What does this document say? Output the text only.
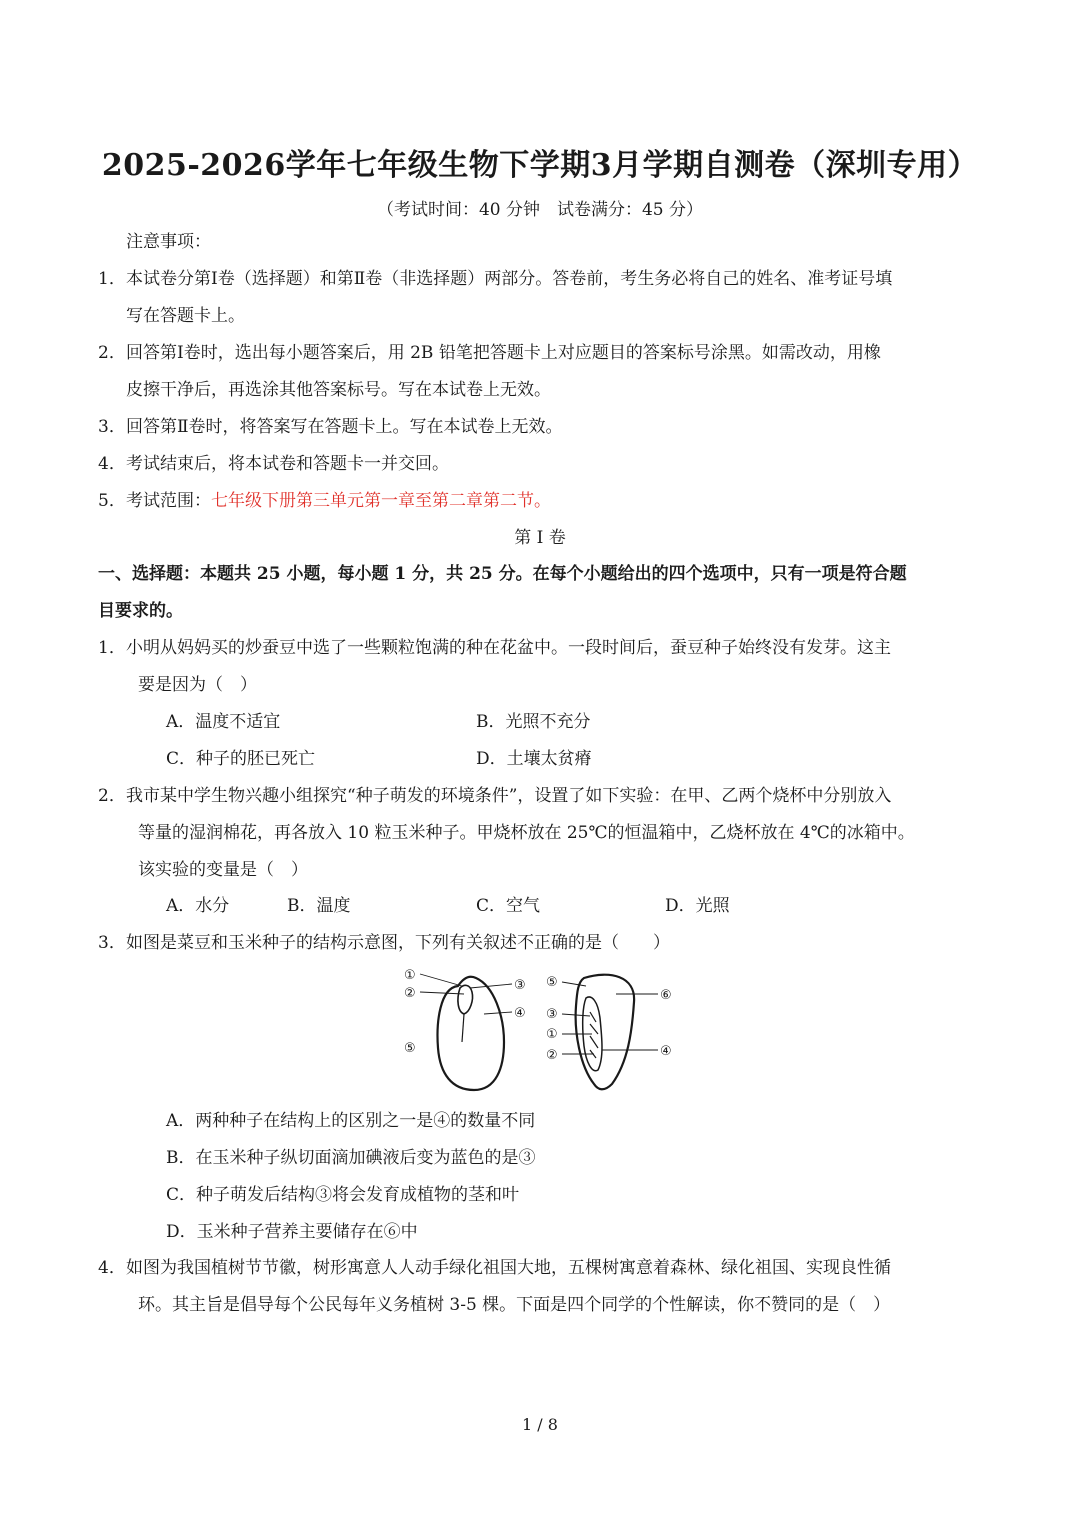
2025-2026学年七年级生物下学期3月学期自测卷（深圳专用）
（考试时间：40 分钟　试卷满分：45 分）
注意事项：
1．本试卷分第Ⅰ卷（选择题）和第Ⅱ卷（非选择题）两部分。答卷前，考生务必将自己的姓名、准考证号填
写在答题卡上。
2．回答第Ⅰ卷时，选出每小题答案后，用 2B 铅笔把答题卡上对应题目的答案标号涂黑。如需改动，用橡
皮擦干净后，再选涂其他答案标号。写在本试卷上无效。
3．回答第Ⅱ卷时，将答案写在答题卡上。写在本试卷上无效。
4．考试结束后，将本试卷和答题卡一并交回。
5．考试范围：七年级下册第三单元第一章至第二章第二节。
第 Ⅰ 卷
一、选择题：本题共 25 小题，每小题 1 分，共 25 分。在每个小题给出的四个选项中，只有一项是符合题
目要求的。
1．小明从妈妈买的炒蚕豆中选了一些颗粒饱满的种在花盆中。一段时间后，蚕豆种子始终没有发芽。这主
要是因为（　）
A．温度不适宜	B．光照不充分
C．种子的胚已死亡	D．土壤太贫瘠
2．我市某中学生物兴趣小组探究“种子萌发的环境条件”，设置了如下实验：在甲、乙两个烧杯中分别放入
等量的湿润棉花，再各放入 10 粒玉米种子。甲烧杯放在 25℃的恒温箱中，乙烧杯放在 4℃的冰箱中。
该实验的变量是（　）
A．水分	B．温度	C．空气	D．光照
3．如图是菜豆和玉米种子的结构示意图，下列有关叙述不正确的是（　　）
①
②
③
④
⑤
⑤
⑥
③
①
②	④
A．两种种子在结构上的区别之一是④的数量不同
B．在玉米种子纵切面滴加碘液后变为蓝色的是③
C．种子萌发后结构③将会发育成植物的茎和叶
D．玉米种子营养主要储存在⑥中
4．如图为我国植树节节徽，树形寓意人人动手绿化祖国大地，五棵树寓意着森林、绿化祖国、实现良性循
环。其主旨是倡导每个公民每年义务植树 3-5 棵。下面是四个同学的个性解读，你不赞同的是（　）
1 / 8
